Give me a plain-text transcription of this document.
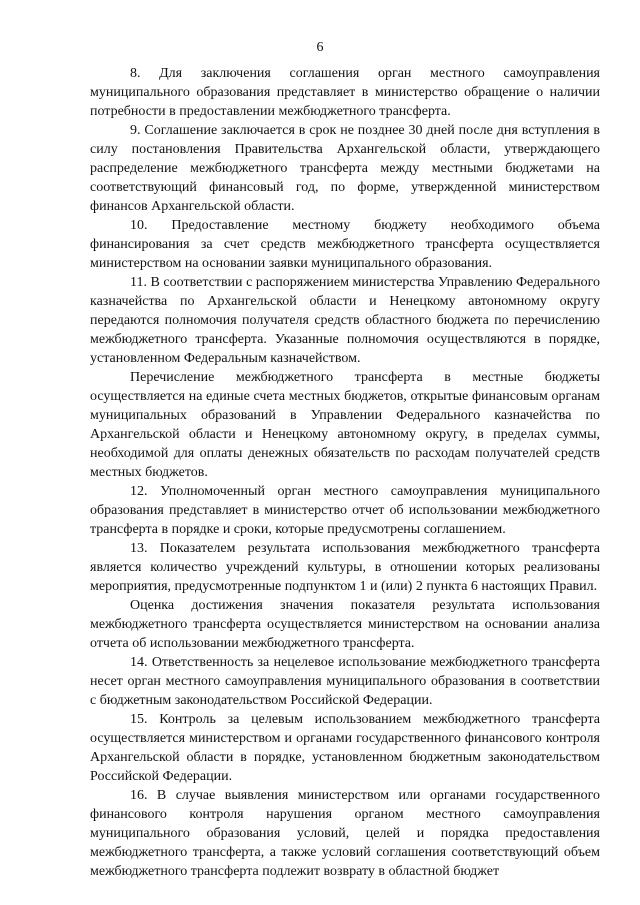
6

8. Для заключения соглашения орган местного самоуправления муниципального образования представляет в министерство обращение о наличии потребности в предоставлении межбюджетного трансферта.

9. Соглашение заключается в срок не позднее 30 дней после дня вступления в силу постановления Правительства Архангельской области, утверждающего распределение межбюджетного трансферта между местными бюджетами на соответствующий финансовый год, по форме, утвержденной министерством финансов Архангельской области.

10. Предоставление местному бюджету необходимого объема финансирования за счет средств межбюджетного трансферта осуществляется министерством на основании заявки муниципального образования.

11. В соответствии с распоряжением министерства Управлению Федерального казначейства по Архангельской области и Ненецкому автономному округу передаются полномочия получателя средств областного бюджета по перечислению межбюджетного трансферта. Указанные полномочия осуществляются в порядке, установленном Федеральным казначейством.

Перечисление межбюджетного трансферта в местные бюджеты осуществляется на единые счета местных бюджетов, открытые финансовым органам муниципальных образований в Управлении Федерального казначейства по Архангельской области и Ненецкому автономному округу, в пределах суммы, необходимой для оплаты денежных обязательств по расходам получателей средств местных бюджетов.

12. Уполномоченный орган местного самоуправления муниципального образования представляет в министерство отчет об использовании межбюджетного трансферта в порядке и сроки, которые предусмотрены соглашением.

13. Показателем результата использования межбюджетного трансферта является количество учреждений культуры, в отношении которых реализованы мероприятия, предусмотренные подпунктом 1 и (или) 2 пункта 6 настоящих Правил.

Оценка достижения значения показателя результата использования межбюджетного трансферта осуществляется министерством на основании анализа отчета об использовании межбюджетного трансферта.

14. Ответственность за нецелевое использование межбюджетного трансферта несет орган местного самоуправления муниципального образования в соответствии с бюджетным законодательством Российской Федерации.

15. Контроль за целевым использованием межбюджетного трансферта осуществляется министерством и органами государственного финансового контроля Архангельской области в порядке, установленном бюджетным законодательством Российской Федерации.

16. В случае выявления министерством или органами государственного финансового контроля нарушения органом местного самоуправления муниципального образования условий, целей и порядка предоставления межбюджетного трансферта, а также условий соглашения соответствующий объем межбюджетного трансферта подлежит возврату в областной бюджет
